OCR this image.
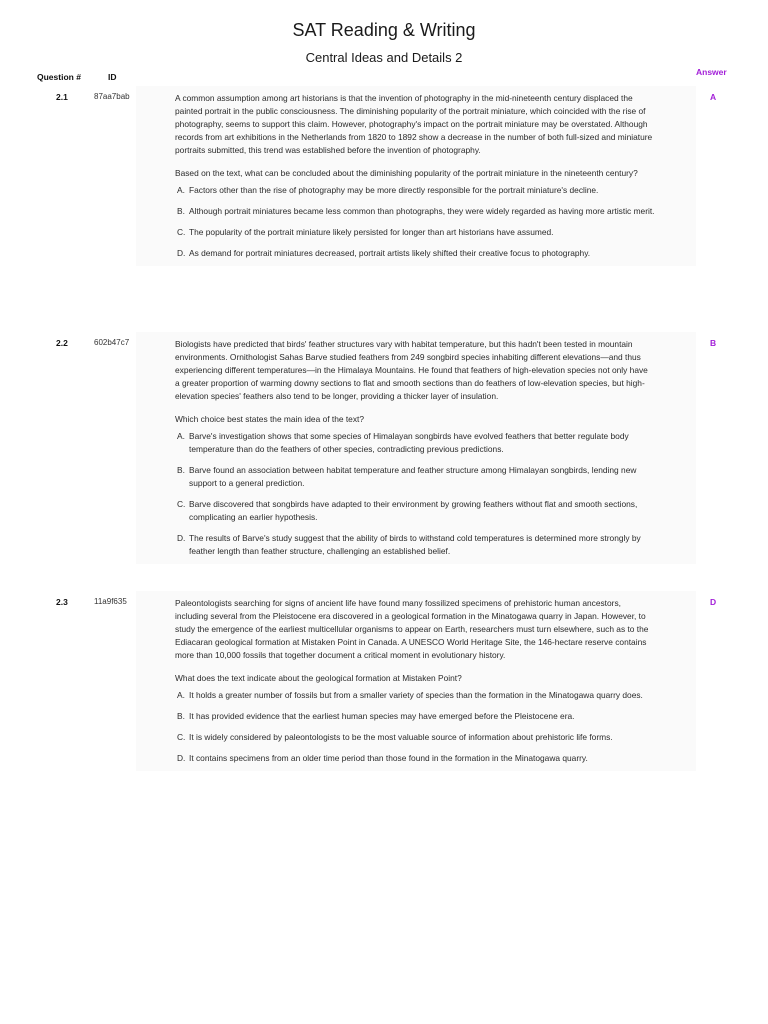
SAT Reading & Writing
Central Ideas and Details 2
Question #	ID	Answer
2.1	87aa7bab	A

A common assumption among art historians is that the invention of photography in the mid-nineteenth century displaced the painted portrait in the public consciousness. The diminishing popularity of the portrait miniature, which coincided with the rise of photography, seems to support this claim. However, photography's impact on the portrait miniature may be overstated. Although records from art exhibitions in the Netherlands from 1820 to 1892 show a decrease in the number of both full-sized and miniature portraits submitted, this trend was established before the invention of photography.

Based on the text, what can be concluded about the diminishing popularity of the portrait miniature in the nineteenth century?

A. Factors other than the rise of photography may be more directly responsible for the portrait miniature's decline.
B. Although portrait miniatures became less common than photographs, they were widely regarded as having more artistic merit.
C. The popularity of the portrait miniature likely persisted for longer than art historians have assumed.
D. As demand for portrait miniatures decreased, portrait artists likely shifted their creative focus to photography.
2.2	602b47c7	B

Biologists have predicted that birds' feather structures vary with habitat temperature, but this hadn't been tested in mountain environments. Ornithologist Sahas Barve studied feathers from 249 songbird species inhabiting different elevations—and thus experiencing different temperatures—in the Himalaya Mountains. He found that feathers of high-elevation species not only have a greater proportion of warming downy sections to flat and smooth sections than do feathers of low-elevation species, but high-elevation species' feathers also tend to be longer, providing a thicker layer of insulation.

Which choice best states the main idea of the text?

A. Barve's investigation shows that some species of Himalayan songbirds have evolved feathers that better regulate body temperature than do the feathers of other species, contradicting previous predictions.
B. Barve found an association between habitat temperature and feather structure among Himalayan songbirds, lending new support to a general prediction.
C. Barve discovered that songbirds have adapted to their environment by growing feathers without flat and smooth sections, complicating an earlier hypothesis.
D. The results of Barve's study suggest that the ability of birds to withstand cold temperatures is determined more strongly by feather length than feather structure, challenging an established belief.
2.3	11a9f635	D

Paleontologists searching for signs of ancient life have found many fossilized specimens of prehistoric human ancestors, including several from the Pleistocene era discovered in a geological formation in the Minatogawa quarry in Japan. However, to study the emergence of the earliest multicellular organisms to appear on Earth, researchers must turn elsewhere, such as to the Ediacaran geological formation at Mistaken Point in Canada. A UNESCO World Heritage Site, the 146-hectare reserve contains more than 10,000 fossils that together document a critical moment in evolutionary history.

What does the text indicate about the geological formation at Mistaken Point?

A. It holds a greater number of fossils but from a smaller variety of species than the formation in the Minatogawa quarry does.
B. It has provided evidence that the earliest human species may have emerged before the Pleistocene era.
C. It is widely considered by paleontologists to be the most valuable source of information about prehistoric life forms.
D. It contains specimens from an older time period than those found in the formation in the Minatogawa quarry.
